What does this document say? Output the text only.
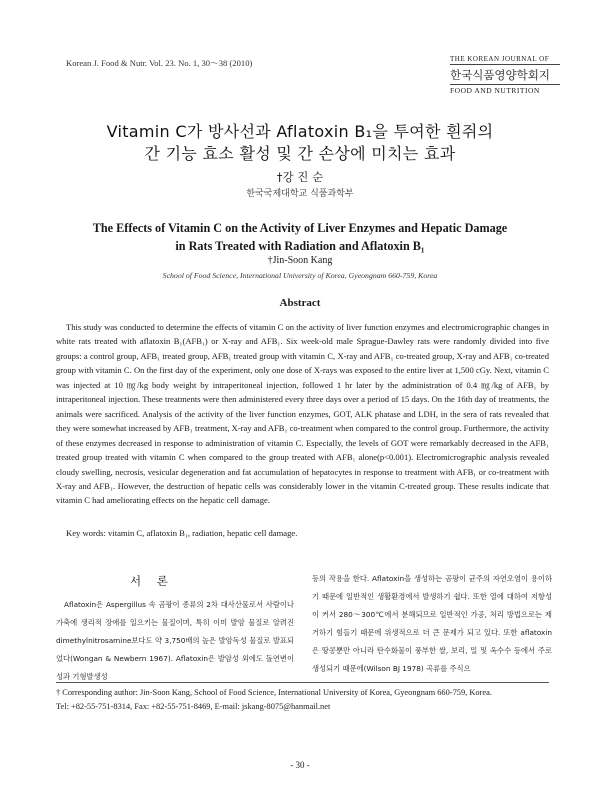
Korean J. Food & Nutr. Vol. 23. No. 1, 30～38 (2010)	THE KOREAN JOURNAL OF
한국식품영양학회지
FOOD AND NUTRITION
Vitamin C가 방사선과 Aflatoxin B₁을 투여한 흰쥐의
간 기능 효소 활성 및 간 손상에 미치는 효과
†강 진 순
한국국제대학교 식품과학부
The Effects of Vitamin C on the Activity of Liver Enzymes and Hepatic Damage
in Rats Treated with Radiation and Aflatoxin B₁
†Jin-Soon Kang
School of Food Science, International University of Korea, Gyeongnam 660-759, Korea
Abstract
This study was conducted to determine the effects of vitamin C on the activity of liver function enzymes and electromicrographic changes in white rats treated with aflatoxin B₁(AFB₁) or X-ray and AFB₁. Six week-old male Sprague-Dawley rats were randomly divided into five groups: a control group, AFB₁ treated group, AFB₁ treated group with vitamin C, X-ray and AFB₁ co-treated group, X-ray and AFB₁ co-treated group with vitamin C. On the first day of the experiment, only one dose of X-rays was exposed to the entire liver at 1,500 cGy. Next, vitamin C was injected at 10 ㎎/kg body weight by intraperitoneal injection, followed 1 hr later by the administration of 0.4 ㎎/kg of AFB₁ by intraperitoneal injection. These treatments were then administered every three days over a period of 15 days. On the 16th day of treatments, the animals were sacrificed. Analysis of the activity of the liver function enzymes, GOT, ALK phatase and LDH, in the sera of rats revealed that they were somewhat increased by AFB₁ treatment, X-ray and AFB₁ co-treatment when compared to the control group. Furthermore, the activity of these enzymes decreased in response to administration of vitamin C. Especially, the levels of GOT were remarkably decreased in the AFB₁ treated group treated with vitamin C when compared to the group treated with AFB₁ alone(p<0.001). Electromicrographic analysis revealed cloudy swelling, necrosis, vesicular degeneration and fat accumulation of hepatocytes in response to treatment with AFB₁ or co-treatment with X-ray and AFB₁. However, the destruction of hepatic cells was considerably lower in the vitamin C-treated group. These results indicate that vitamin C had ameliorating effects on the hepatic cell damage.
Key words: vitamin C, aflatoxin B₁, radiation, hepatic cell damage.
서 론
Aflatoxin은 Aspergillus 속 곰팡이 종류의 2차 대사산물로서 사람이나 가축에 생리적 장애를 일으키는 물질이며, 특히 이미 발암 물질로 알려진 dimethylnitrosamine보다도 약 3,750배의 높은 발암독성 물질로 발표되었다(Wongan & Newbern 1967). Aflatoxin은 발암성 외에도 돌연변이성과 기형발생성
등의 작용을 한다. Aflatoxin을 생성하는 곰팡이 균주의 자연오염이 용이하기 때문에 일반적인 생활환경에서 발생하기 쉽다. 또한 열에 대하여 저항성이 커서 280～300℃에서 분해되므로 일반적인 가공, 처리 방법으로는 제거하기 힘들기 때문에 위생적으로 더 큰 문제가 되고 있다. 또한 aflatoxin은 땅콩뿐만 아니라 탄수화물이 풍부한 쌀, 보리, 밀 및 옥수수 등에서 주로 생성되기 때문에(Wilson BJ 1978) 곡류를 주식으
† Corresponding author: Jin-Soon Kang, School of Food Science, International University of Korea, Gyeongnam 660-759, Korea.
Tel: +82-55-751-8314, Fax: +82-55-751-8469, E-mail: jskang-8075@hanmail.net
- 30 -
